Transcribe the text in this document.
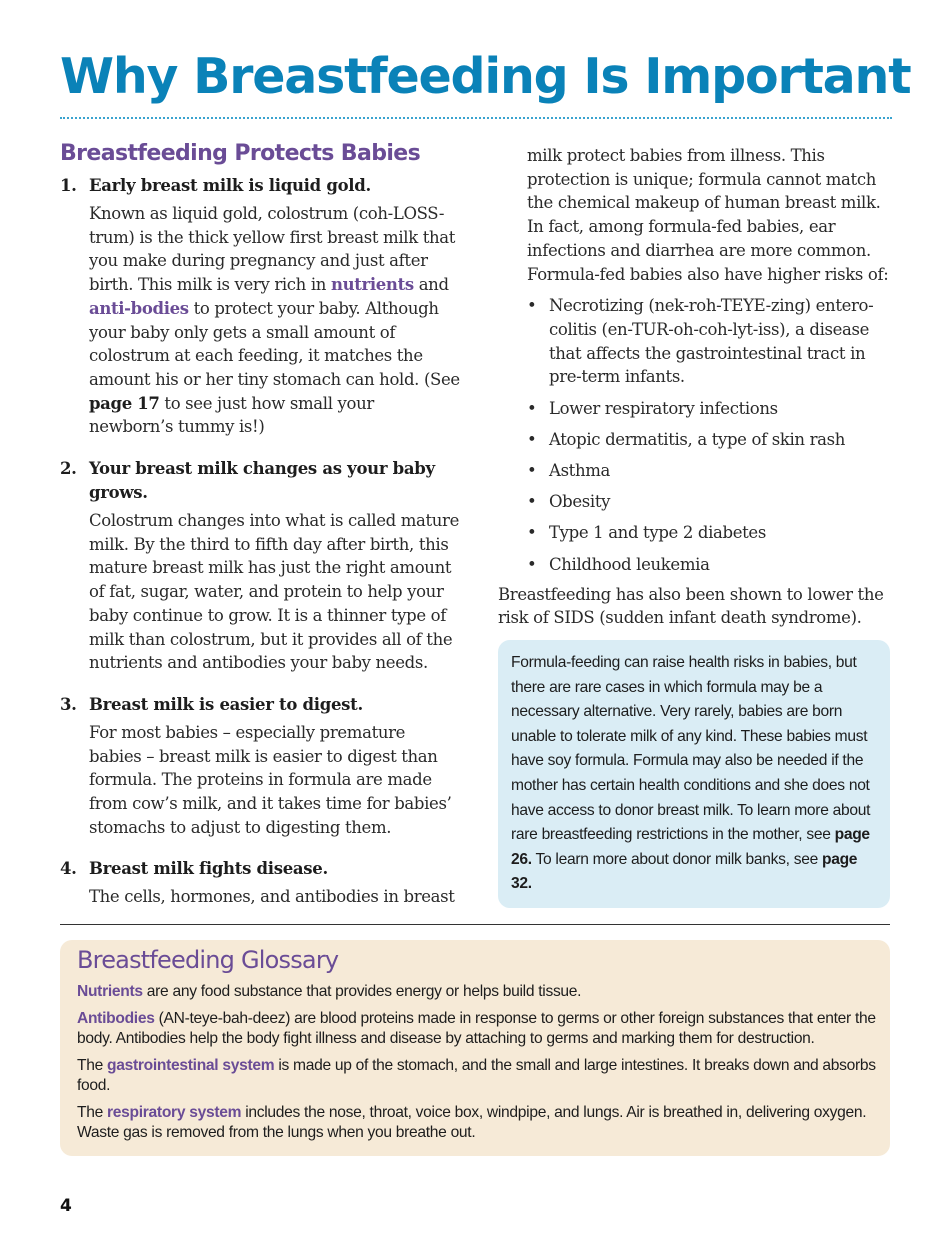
Why Breastfeeding Is Important
Breastfeeding Protects Babies
1. Early breast milk is liquid gold.

Known as liquid gold, colostrum (coh-LOSS-trum) is the thick yellow first breast milk that you make during pregnancy and just after birth. This milk is very rich in nutrients and anti-bodies to protect your baby. Although your baby only gets a small amount of colostrum at each feeding, it matches the amount his or her tiny stomach can hold. (See page 17 to see just how small your newborn’s tummy is!)

2. Your breast milk changes as your baby grows.

Colostrum changes into what is called mature milk. By the third to fifth day after birth, this mature breast milk has just the right amount of fat, sugar, water, and protein to help your baby continue to grow. It is a thinner type of milk than colostrum, but it provides all of the nutrients and antibodies your baby needs.

3. Breast milk is easier to digest.

For most babies – especially premature babies – breast milk is easier to digest than formula. The proteins in formula are made from cow’s milk, and it takes time for babies’ stomachs to adjust to digesting them.

4. Breast milk fights disease.

The cells, hormones, and antibodies in breast

milk protect babies from illness. This protection is unique; formula cannot match the chemical makeup of human breast milk. In fact, among formula-fed babies, ear infections and diarrhea are more common. Formula-fed babies also have higher risks of:

• Necrotizing (nek-roh-TEYE-zing) entero-colitis (en-TUR-oh-coh-lyt-iss), a disease that affects the gastrointestinal tract in pre-term infants.
• Lower respiratory infections
• Atopic dermatitis, a type of skin rash
• Asthma
• Obesity
• Type 1 and type 2 diabetes
• Childhood leukemia

Breastfeeding has also been shown to lower the risk of SIDS (sudden infant death syndrome).

Formula-feeding can raise health risks in babies, but there are rare cases in which formula may be a necessary alternative. Very rarely, babies are born unable to tolerate milk of any kind. These babies must have soy formula. Formula may also be needed if the mother has certain health conditions and she does not have access to donor breast milk. To learn more about rare breastfeeding restrictions in the mother, see page 26. To learn more about donor milk banks, see page 32.
Breastfeeding Glossary

Nutrients are any food substance that provides energy or helps build tissue.

Antibodies (AN-teye-bah-deez) are blood proteins made in response to germs or other foreign substances that enter the body. Antibodies help the body fight illness and disease by attaching to germs and marking them for destruction.

The gastrointestinal system is made up of the stomach, and the small and large intestines. It breaks down and absorbs food.

The respiratory system includes the nose, throat, voice box, windpipe, and lungs. Air is breathed in, delivering oxygen. Waste gas is removed from the lungs when you breathe out.

4
